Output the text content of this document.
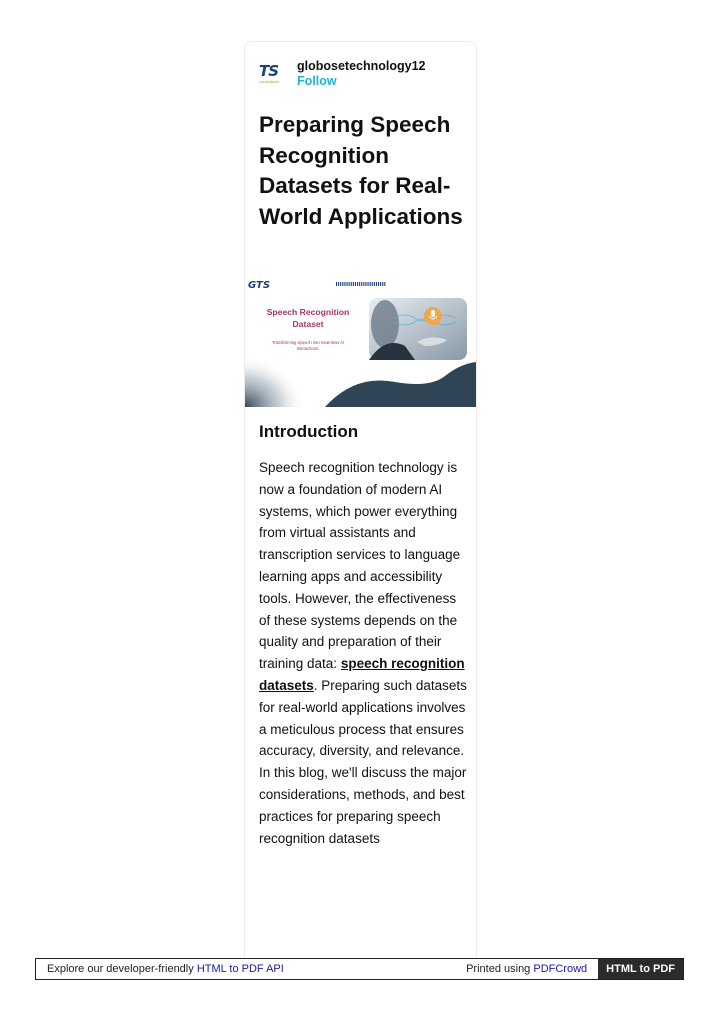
TS
consultants
globosetechnology12
Follow
Preparing Speech Recognition Datasets for Real-World Applications
GTS
Speech Recognition
Dataset
Transforming Speech into Seamless AI
Interactions.
Introduction

Speech recognition technology is now a foundation of modern AI systems, which power everything from virtual assistants and transcription services to language learning apps and accessibility tools. However, the effectiveness of these systems depends on the quality and preparation of their training data: speech recognition datasets. Preparing such datasets for real-world applications involves a meticulous process that ensures accuracy, diversity, and relevance. In this blog, we'll discuss the major considerations, methods, and best practices for preparing speech recognition datasets

Explore our developer-friendly HTML to PDF API	Printed using PDFCrowd	HTML to PDF
